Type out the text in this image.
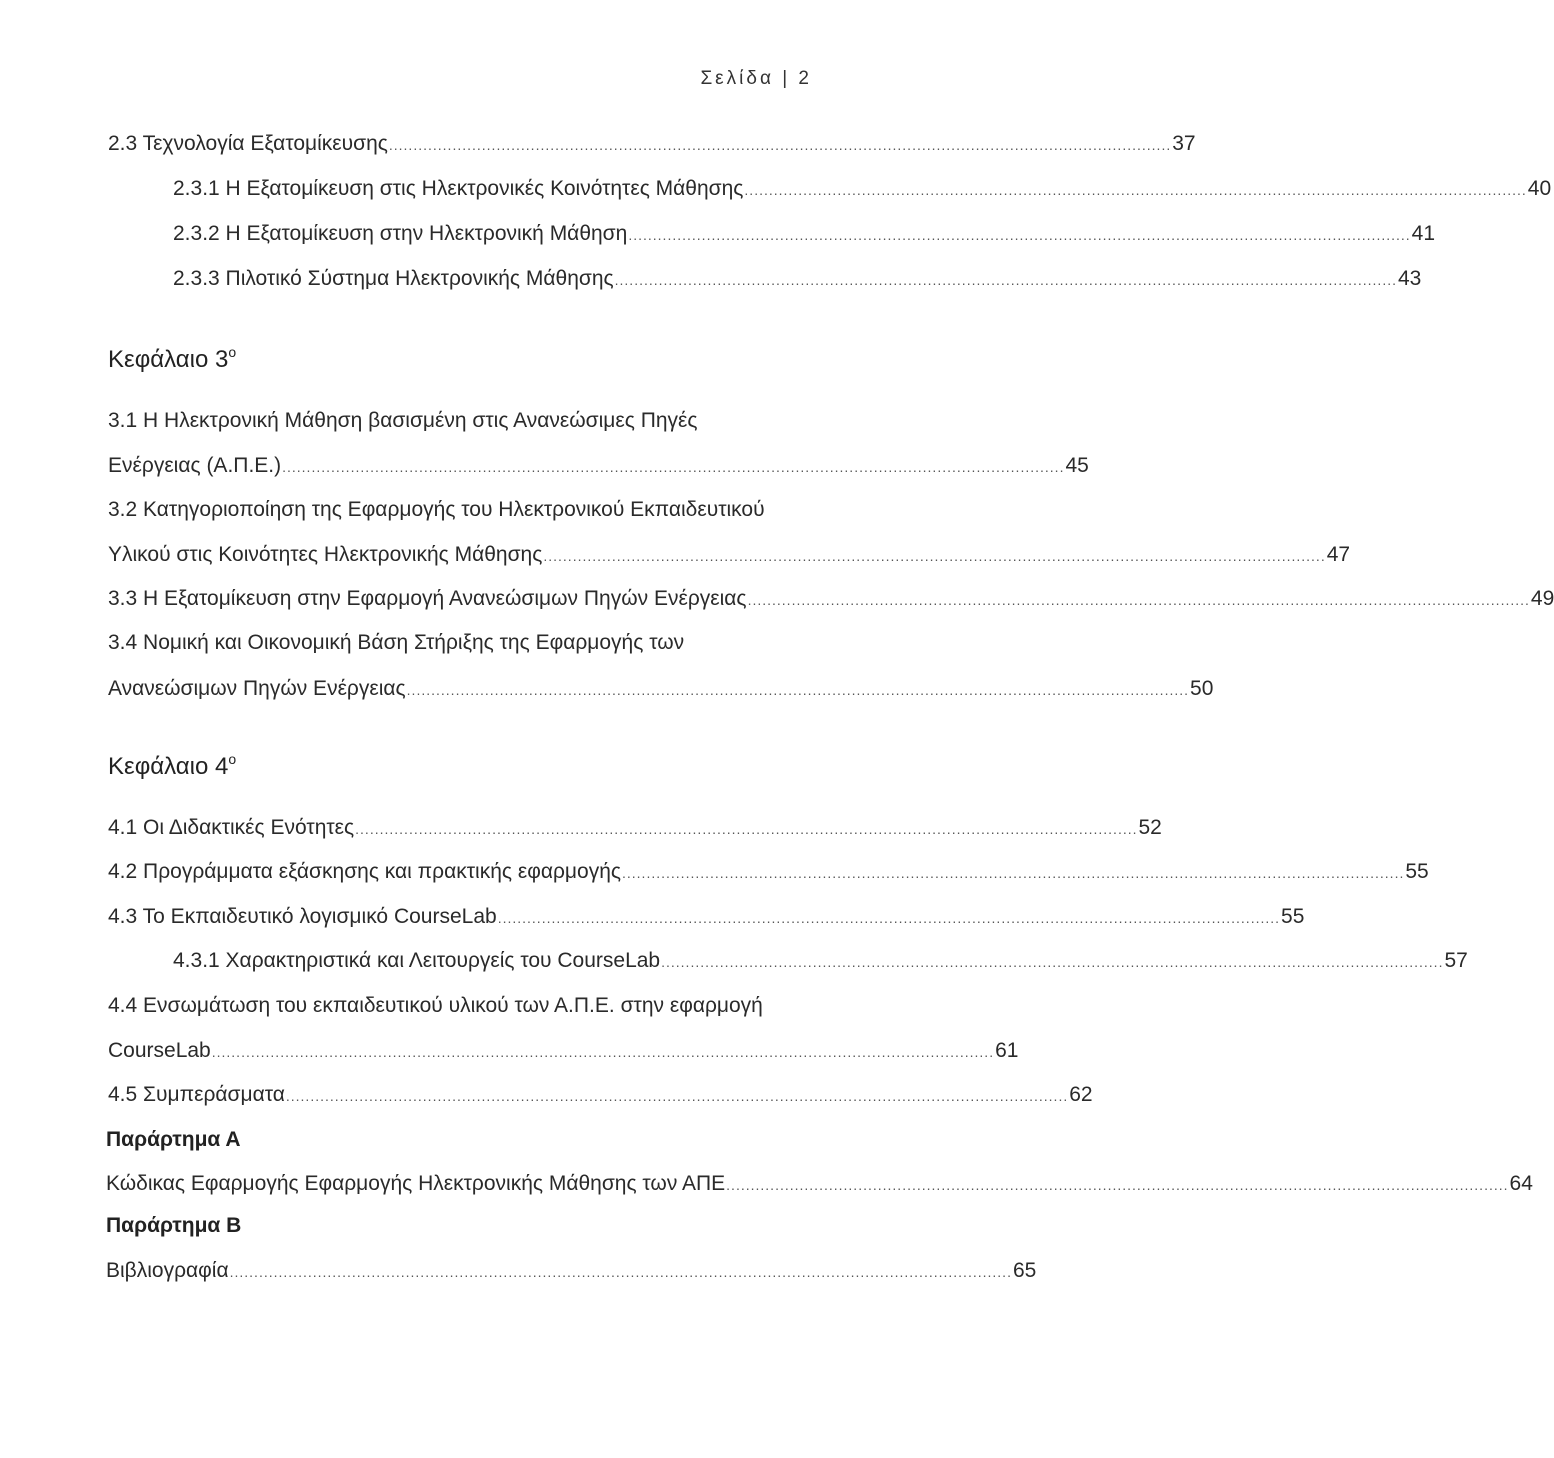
Σελίδα | 2
2.3 Τεχνολογία Εξατομίκευσης ................................................................................................................................................................ 37
2.3.1 Η Εξατομίκευση στις Ηλεκτρονικές Κοινότητες Μάθησης ................................................................................................................................................................ 40
2.3.2 Η Εξατομίκευση στην Ηλεκτρονική Μάθηση ................................................................................................................................................................ 41
2.3.3 Πιλοτικό Σύστημα Ηλεκτρονικής Μάθησης ................................................................................................................................................................ 43
Κεφάλαιο $3^o$
3.1 Η Ηλεκτρονική Μάθηση βασισμένη στις Ανανεώσιμες Πηγές
Ενέργειας (Α.Π.Ε.) ................................................................................................................................................................ 45
3.2 Κατηγοριοποίηση της Εφαρμογής του Ηλεκτρονικού Εκπαιδευτικού
Υλικού στις Κοινότητες Ηλεκτρονικής Μάθησης ................................................................................................................................................................ 47
3.3 Η Εξατομίκευση στην Εφαρμογή Ανανεώσιμων Πηγών Ενέργειας ................................................................................................................................................................ 49
3.4 Νομική και Οικονομική Βάση Στήριξης της Εφαρμογής των
Ανανεώσιμων Πηγών Ενέργειας ................................................................................................................................................................ 50
Κεφάλαιο $4^o$
4.1 Οι Διδακτικές Ενότητες ................................................................................................................................................................ 52
4.2 Προγράμματα εξάσκησης και πρακτικής εφαρμογής ................................................................................................................................................................ 55
4.3 Το Εκπαιδευτικό λογισμικό CourseLab ................................................................................................................................................................ 55
4.3.1 Χαρακτηριστικά και Λειτουργείς του CourseLab ................................................................................................................................................................ 57
4.4 Ενσωμάτωση του εκπαιδευτικού υλικού των Α.Π.Ε. στην εφαρμογή
CourseLab ................................................................................................................................................................ 61
4.5 Συμπεράσματα ................................................................................................................................................................ 62
Παράρτημα Α
Κώδικας Εφαρμογής Εφαρμογής Ηλεκτρονικής Μάθησης των ΑΠΕ ................................................................................................................................................................ 64
Παράρτημα Β
Βιβλιογραφία ................................................................................................................................................................ 65
